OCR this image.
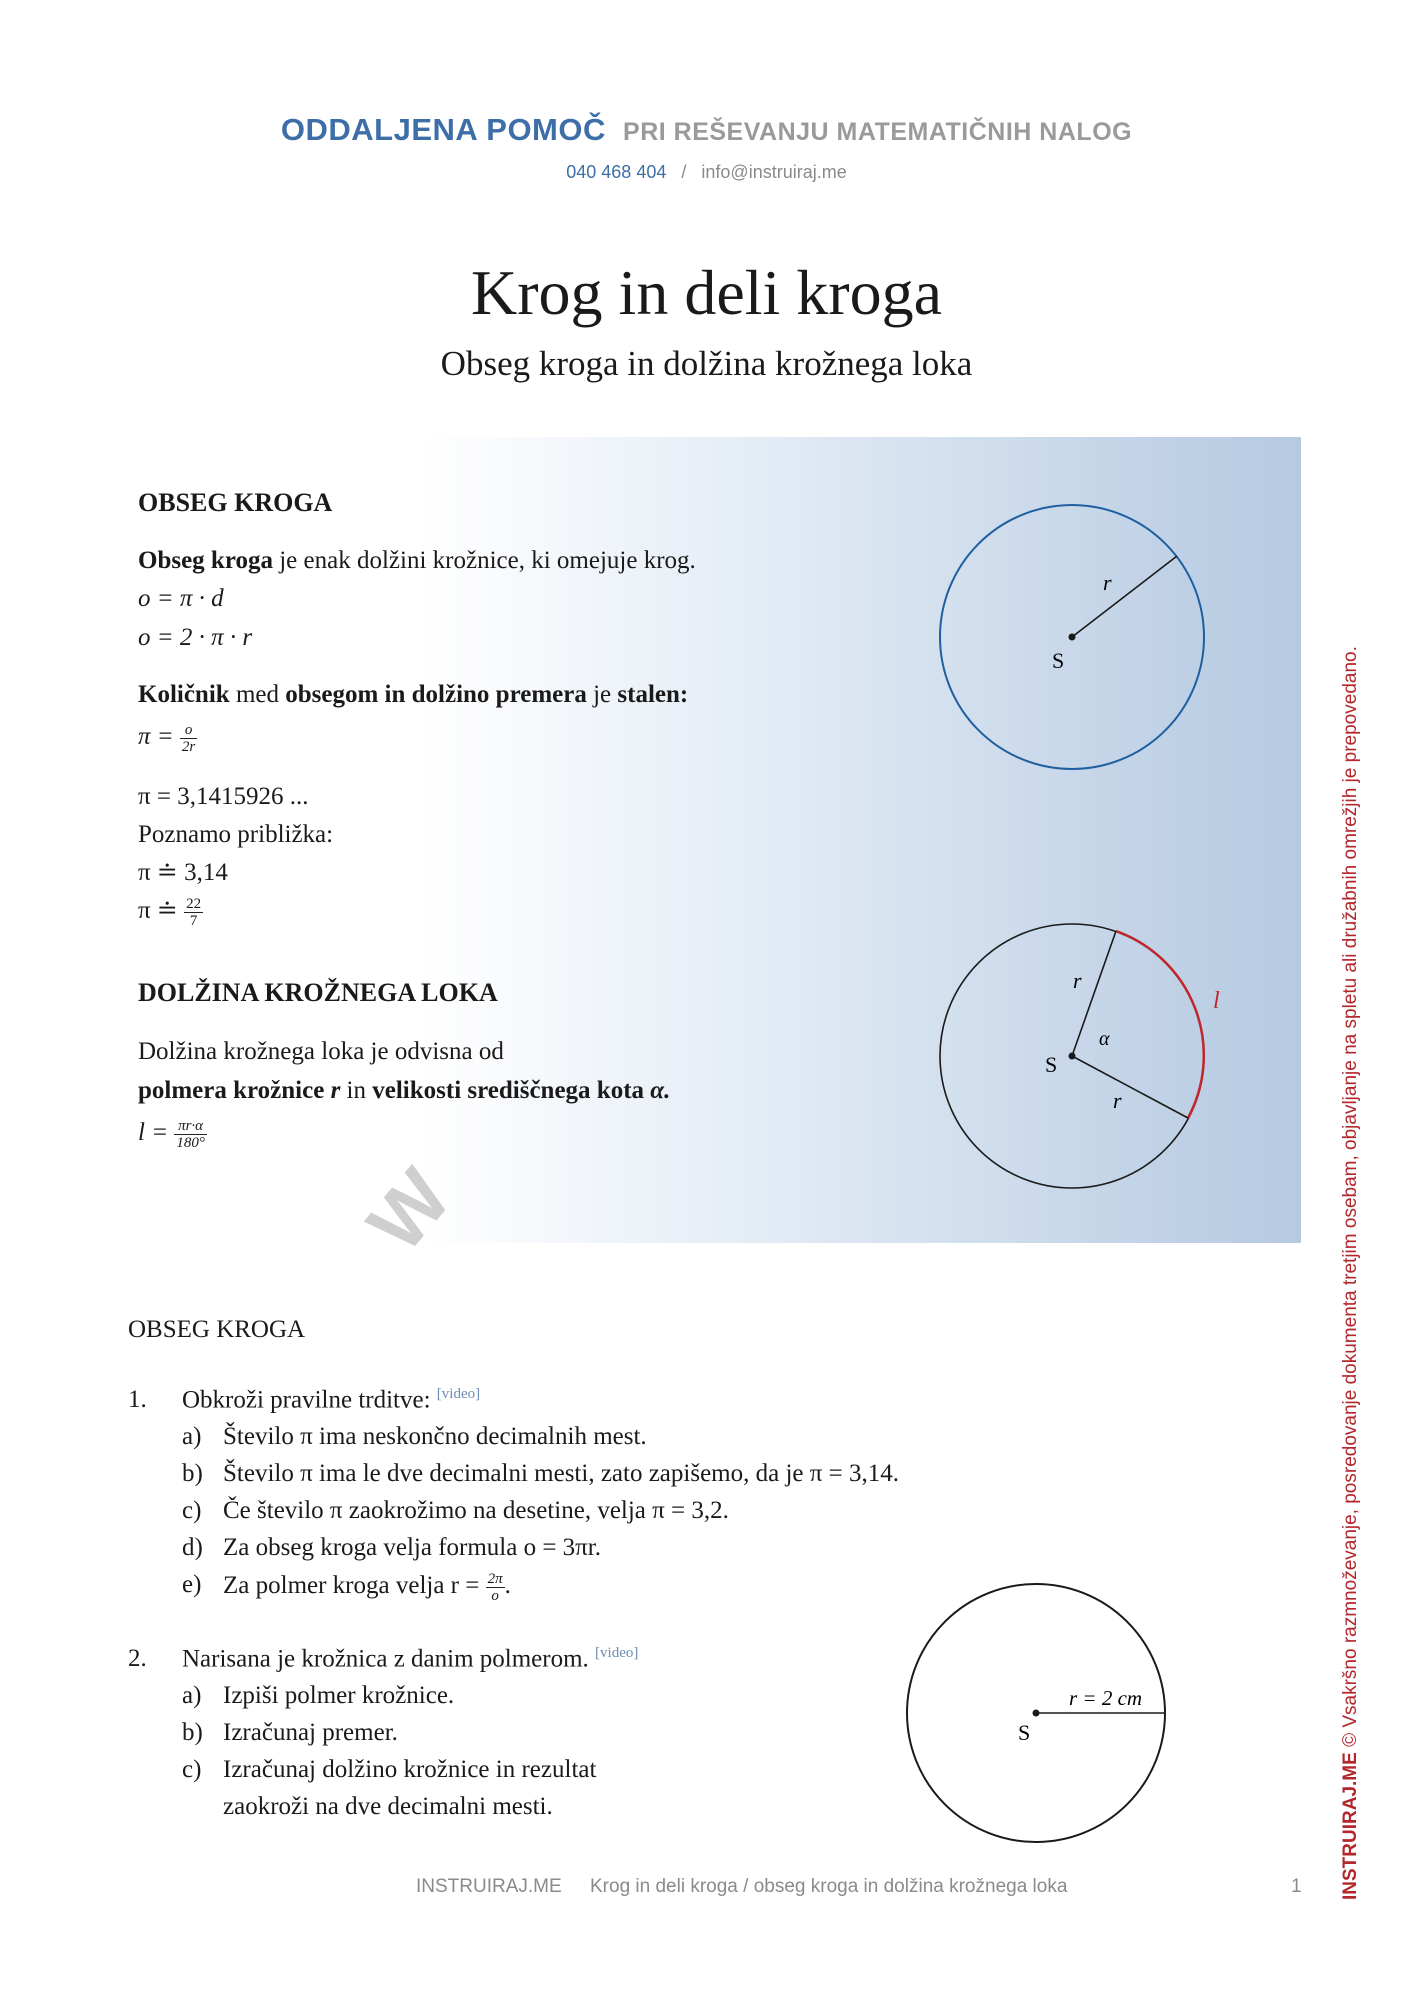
ODDALJENA POMOČ PRI REŠEVANJU MATEMATIČNIH NALOG
040 468 404 / info@instruiraj.me
Krog in deli kroga
Obseg kroga in dolžina krožnega loka
OBSEG KROGA
Obseg kroga je enak dolžini krožnice, ki omejuje krog.
o = π · d
o = 2 · π · r
Količnik med obsegom in dolžino premera je stalen:
$\pi = \frac{o}{2r}$
π = 3,1415926 ...
Poznamo približka:
π ≐ 3,14
π ≐ $\frac{22}{7}$
DOLŽINA KROŽNEGA LOKA
Dolžina krožnega loka je odvisna od
polmera krožnice r in velikosti središčnega kota α.
$l = \frac{\pi r\cdot\alpha}{180^\circ}$
r
S
r
r
α
S
l
W
OBSEG KROGA
1. Obkroži pravilne trditve: [video]
a) Število π ima neskončno decimalnih mest.
b) Število π ima le dve decimalni mesti, zato zapišemo, da je π = 3,14.
c) Če število π zaokrožimo na desetine, velja π = 3,2.
d) Za obseg kroga velja formula o = 3πr.
e) Za polmer kroga velja $r = \frac{2\pi}{o}$ .
2. Narisana je krožnica z danim polmerom. [video]
a) Izpiši polmer krožnice.
b) Izračunaj premer.
c) Izračunaj dolžino krožnice in rezultat
zaokroži na dve decimalni mesti.
r = 2 cm
S
INSTRUIRAJ.ME Krog in deli kroga / obseg kroga in dolžina krožnega loka	1 INSTRUIRAJ.ME © Vsakršno razmnoževanje, posredovanje dokumenta tretjim osebam, objavljanje na spletu ali družabnih omrežjih je prepovedano.
